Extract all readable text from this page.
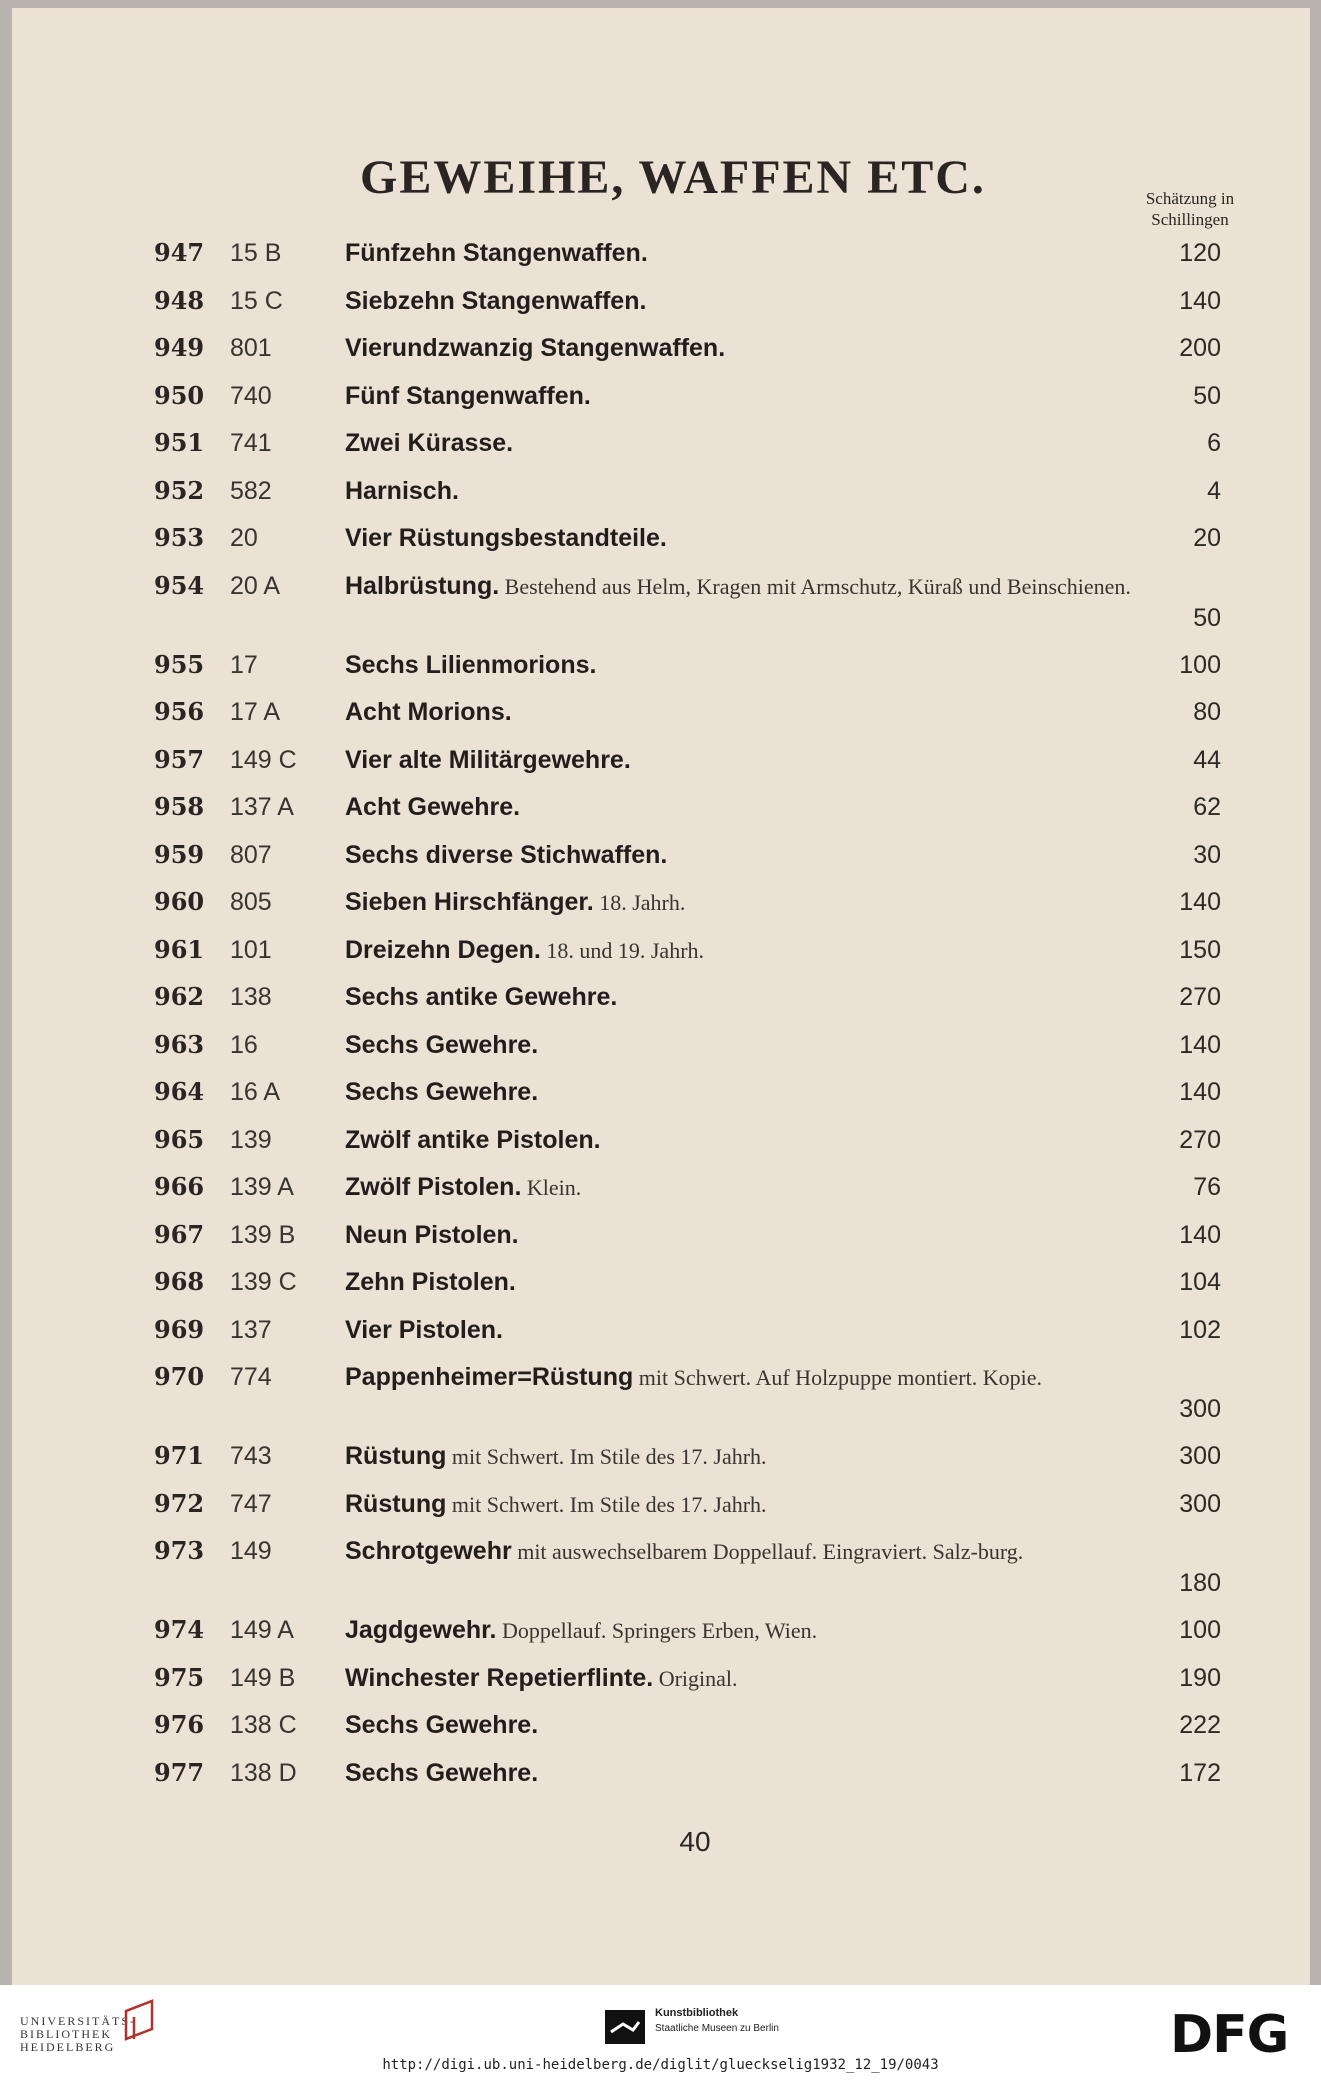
GEWEIHE, WAFFEN ETC.	Schätzung in
Schillingen
947 15 B	Fünfzehn Stangenwaffen.	120
948 15 C Siebzehn Stangenwaffen.	140
949 801	Vierundzwanzig Stangenwaffen.	200
950 740	Fünf Stangenwaffen.	50
951 741	Zwei Kürasse.	6
952 582	Harnisch.	4
953 20	Vier Rüstungsbestandteile.	20
954 20 A	Halbrüstung. Bestehend aus Helm, Kragen mit Armschutz, Küraß und Beinschienen.
50
955 17	Sechs Lilienmorions.	100
956 17 A	Acht Morions.	80
957 149 C Vier alte Militärgewehre.	44
958 137 A Acht Gewehre.	62
959 807	Sechs diverse Stichwaffen.	30
960 805	Sieben Hirschfänger. 18. Jahrh.	140
961 101	Dreizehn Degen. 18. und 19. Jahrh.	150
962 138	Sechs antike Gewehre.	270
963 16	Sechs Gewehre.	140
964 16 A	Sechs Gewehre.	140
965 139	Zwölf antike Pistolen.	270
966 139 A Zwölf Pistolen. Klein.	76
967 139 B Neun Pistolen.	140
968 139 C Zehn Pistolen.	104
969 137	Vier Pistolen.	102
970 774	Pappenheimer=Rüstung mit Schwert. Auf Holzpuppe montiert. Kopie.
300
971 743	Rüstung mit Schwert. Im Stile des 17. Jahrh.	300
972 747	Rüstung mit Schwert. Im Stile des 17. Jahrh.	300
973 149	Schrotgewehr mit auswechselbarem Doppellauf. Eingraviert. Salz-burg.
180
974 149 A Jagdgewehr. Doppellauf. Springers Erben, Wien.	100
975 149 B Winchester Repetierflinte. Original.	190
976 138 C Sechs Gewehre.	222
977 138 D Sechs Gewehre.	172
40
UNIVERSITÄTS-
BIBLIOTHEK
HEIDELBERG
Kunstbibliothek
Staatliche Museen zu Berlin	DFG
http://digi.ub.uni-heidelberg.de/diglit/glueckselig1932_12_19/0043
